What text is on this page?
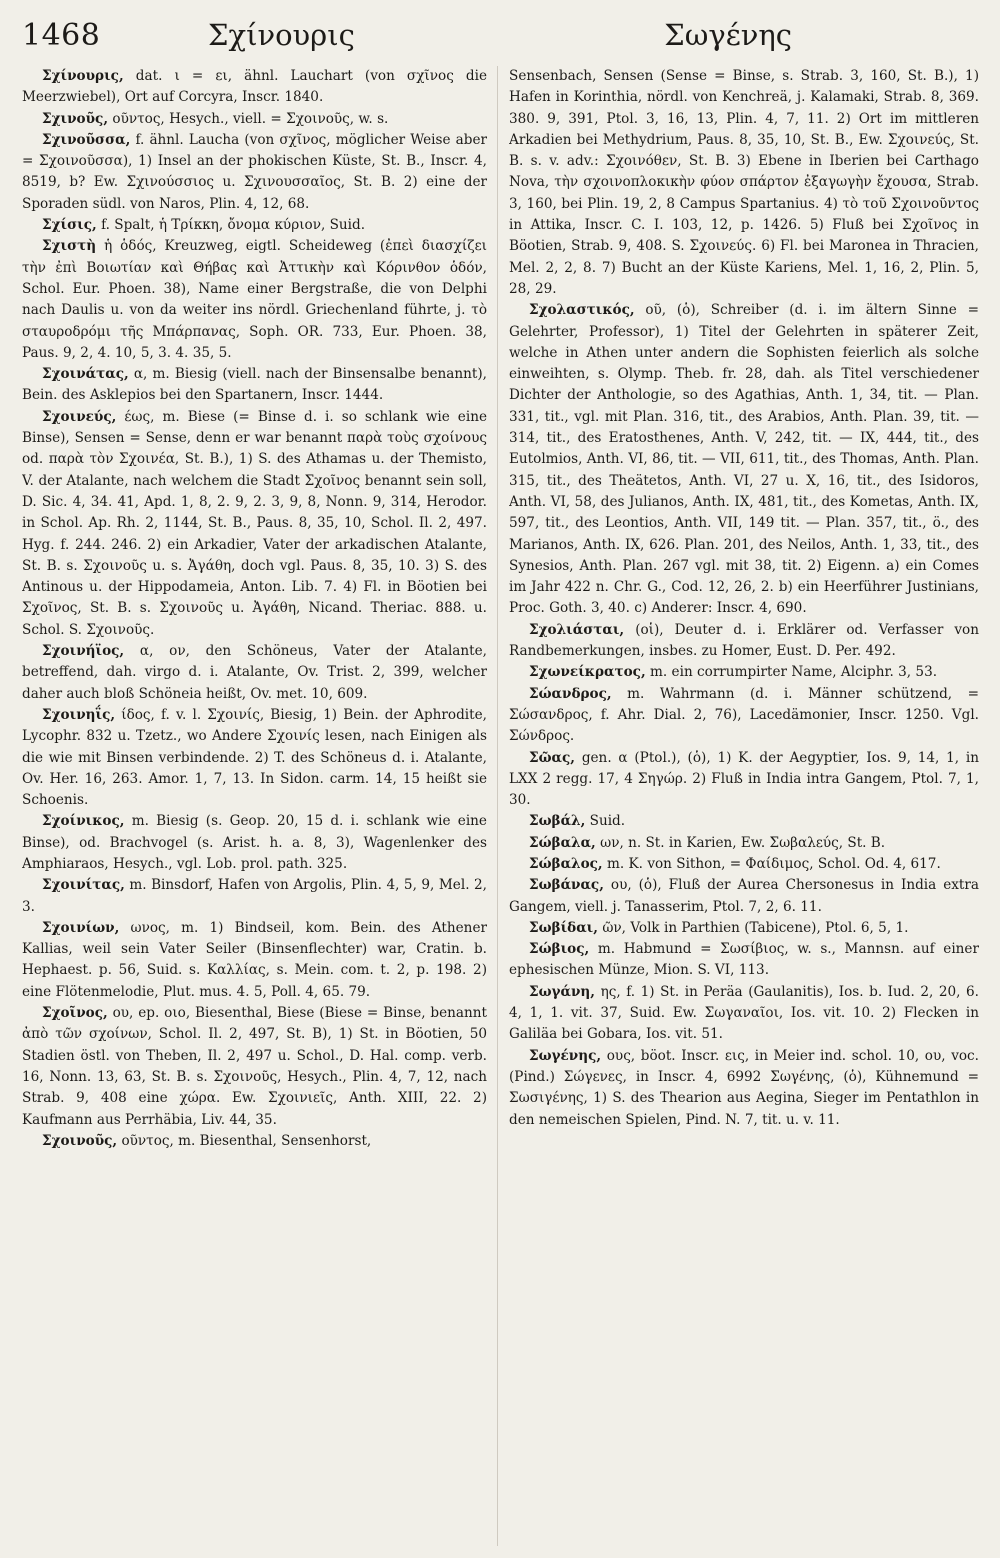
1468	Σχίνουρις	Σωγένης

Σχίνουρις, dat. ι = ει, ähnl. Lauchart (von σχῖνος die Meerzwiebel), Ort auf Corcyra, Inscr. 1840.

Σχινοῦς, οῦντος, Hesych., viell. = Σχοινοῦς, w. s.

Σχινοῦσσα, f. ähnl. Laucha (von σχῖνος, möglicher Weise aber = Σχοινοῦσσα), 1) Insel an der phokischen Küste, St. B., Inscr. 4, 8519, b? Ew. Σχινούσσιος u. Σχινουσσαῖος, St. B. 2) eine der Sporaden südl. von Naros, Plin. 4, 12, 68.

Σχίσις, f. Spalt, ἡ Τρίκκη, ὄνομα κύριον, Suid.

Σχιστὴ ἡ ὁδός, Kreuzweg, eigtl. Scheideweg (ἐπεὶ διασχίζει τὴν ἐπὶ Βοιωτίαν καὶ Θήβας καὶ Ἀττικὴν καὶ Κόρινθον ὁδόν, Schol. Eur. Phoen. 38), Name einer Bergstraße, die von Delphi nach Daulis u. von da weiter ins nördl. Griechenland führte, j. τὸ σταυροδρόμι τῆς Μπάρπανας, Soph. OR. 733, Eur. Phoen. 38, Paus. 9, 2, 4. 10, 5, 3. 4. 35, 5.

Σχοινάτας, α, m. Biesig (viell. nach der Binsensalbe benannt), Bein. des Asklepios bei den Spartanern, Inscr. 1444.

Σχοινεύς, έως, m. Biese (= Binse d. i. so schlank wie eine Binse), Sensen = Sense, denn er war benannt παρὰ τοὺς σχοίνους od. παρὰ τὸν Σχοινέα, St. B.), 1) S. des Athamas u. der Themisto, V. der Atalante, nach welchem die Stadt Σχοῖνος benannt sein soll, D. Sic. 4, 34. 41, Apd. 1, 8, 2. 9, 2. 3, 9, 8, Nonn. 9, 314, Herodor. in Schol. Ap. Rh. 2, 1144, St. B., Paus. 8, 35, 10, Schol. Il. 2, 497. Hyg. f. 244. 246. 2) ein Arkadier, Vater der arkadischen Atalante, St. B. s. Σχοινοῦς u. s. Ἀγάθη, doch vgl. Paus. 8, 35, 10. 3) S. des Antinous u. der Hippodameia, Anton. Lib. 7. 4) Fl. in Böotien bei Σχοῖνος, St. B. s. Σχοινοῦς u. Ἀγάθη, Nicand. Theriac. 888. u. Schol. S. Σχοινοῦς.

Σχοινήϊος, α, ον, den Schöneus, Vater der Atalante, betreffend, dah. virgo d. i. Atalante, Ov. Trist. 2, 399, welcher daher auch bloß Schöneia heißt, Ov. met. 10, 609.

Σχοινηΐς, ίδος, f. v. l. Σχοινίς, Biesig, 1) Bein. der Aphrodite, Lycophr. 832 u. Tzetz., wo Andere Σχοινίς lesen, nach Einigen als die wie mit Binsen verbindende. 2) T. des Schöneus d. i. Atalante, Ov. Her. 16, 263. Amor. 1, 7, 13. In Sidon. carm. 14, 15 heißt sie Schoenis.

Σχοίνικος, m. Biesig (s. Geop. 20, 15 d. i. schlank wie eine Binse), od. Brachvogel (s. Arist. h. a. 8, 3), Wagenlenker des Amphiaraos, Hesych., vgl. Lob. prol. path. 325.

Σχοινίτας, m. Binsdorf, Hafen von Argolis, Plin. 4, 5, 9, Mel. 2, 3.

Σχοινίων, ωνος, m. 1) Bindseil, kom. Bein. des Athener Kallias, weil sein Vater Seiler (Binsenflechter) war, Cratin. b. Hephaest. p. 56, Suid. s. Καλλίας, s. Mein. com. t. 2, p. 198. 2) eine Flötenmelodie, Plut. mus. 4. 5, Poll. 4, 65. 79.

Σχοῖνος, ου, ep. οιο, Biesenthal, Biese (Biese = Binse, benannt ἀπὸ τῶν σχοίνων, Schol. Il. 2, 497, St. B), 1) St. in Böotien, 50 Stadien östl. von Theben, Il. 2, 497 u. Schol., D. Hal. comp. verb. 16, Nonn. 13, 63, St. B. s. Σχοινοῦς, Hesych., Plin. 4, 7, 12, nach Strab. 9, 408 eine χώρα. Ew. Σχοινιεῖς, Anth. XIII, 22. 2) Kaufmann aus Perrhäbia, Liv. 44, 35.

Σχοινοῦς, οῦντος, m. Biesenthal, Sensenhorst,

Sensenbach, Sensen (Sense = Binse, s. Strab. 3, 160, St. B.), 1) Hafen in Korinthia, nördl. von Kenchreä, j. Kalamaki, Strab. 8, 369. 380. 9, 391, Ptol. 3, 16, 13, Plin. 4, 7, 11. 2) Ort im mittleren Arkadien bei Methydrium, Paus. 8, 35, 10, St. B., Ew. Σχοινεύς, St. B. s. v. adv.: Σχοινόθεν, St. B. 3) Ebene in Iberien bei Carthago Nova, τὴν σχοινοπλοκικὴν φύον σπάρτον ἐξαγωγὴν ἔχουσα, Strab. 3, 160, bei Plin. 19, 2, 8 Campus Spartanius. 4) τὸ τοῦ Σχοινοῦντος in Attika, Inscr. C. I. 103, 12, p. 1426. 5) Fluß bei Σχοῖνος in Böotien, Strab. 9, 408. S. Σχοινεύς. 6) Fl. bei Maronea in Thracien, Mel. 2, 2, 8. 7) Bucht an der Küste Kariens, Mel. 1, 16, 2, Plin. 5, 28, 29.

Σχολαστικός, οῦ, (ὁ), Schreiber (d. i. im ältern Sinne = Gelehrter, Professor), 1) Titel der Gelehrten in späterer Zeit, welche in Athen unter andern die Sophisten feierlich als solche einweihten, s. Olymp. Theb. fr. 28, dah. als Titel verschiedener Dichter der Anthologie, so des Agathias, Anth. 1, 34, tit. — Plan. 331, tit., vgl. mit Plan. 316, tit., des Arabios, Anth. Plan. 39, tit. — 314, tit., des Eratosthenes, Anth. V, 242, tit. — IX, 444, tit., des Eutolmios, Anth. VI, 86, tit. — VII, 611, tit., des Thomas, Anth. Plan. 315, tit., des Theätetos, Anth. VI, 27 u. X, 16, tit., des Isidoros, Anth. VI, 58, des Julianos, Anth. IX, 481, tit., des Kometas, Anth. IX, 597, tit., des Leontios, Anth. VII, 149 tit. — Plan. 357, tit., ö., des Marianos, Anth. IX, 626. Plan. 201, des Neilos, Anth. 1, 33, tit., des Synesios, Anth. Plan. 267 vgl. mit 38, tit. 2) Eigenn. a) ein Comes im Jahr 422 n. Chr. G., Cod. 12, 26, 2. b) ein Heerführer Justinians, Proc. Goth. 3, 40. c) Anderer: Inscr. 4, 690.

Σχολιάσται, (οἱ), Deuter d. i. Erklärer od. Verfasser von Randbemerkungen, insbes. zu Homer, Eust. D. Per. 492.

Σχωνείκρατος, m. ein corrumpirter Name, Alciphr. 3, 53.

Σώανδρος, m. Wahrmann (d. i. Männer schützend, = Σώσανδρος, f. Ahr. Dial. 2, 76), Lacedämonier, Inscr. 1250. Vgl. Σώνδρος.

Σῶας, gen. α (Ptol.), (ὁ), 1) K. der Aegyptier, Ios. 9, 14, 1, in LXX 2 regg. 17, 4 Σηγώρ. 2) Fluß in India intra Gangem, Ptol. 7, 1, 30.

Σωβάλ, Suid.

Σώβαλα, ων, n. St. in Karien, Ew. Σωβαλεύς, St. B.

Σώβαλος, m. K. von Sithon, = Φαίδιμος, Schol. Od. 4, 617.

Σωβάνας, ου, (ὁ), Fluß der Aurea Chersonesus in India extra Gangem, viell. j. Tanasserim, Ptol. 7, 2, 6. 11.

Σωβίδαι, ῶν, Volk in Parthien (Tabicene), Ptol. 6, 5, 1.

Σώβιος, m. Habmund = Σωσίβιος, w. s., Mannsn. auf einer ephesischen Münze, Mion. S. VI, 113.

Σωγάνη, ης, f. 1) St. in Peräa (Gaulanitis), Ios. b. Iud. 2, 20, 6. 4, 1, 1. vit. 37, Suid. Ew. Σωγαναῖοι, Ios. vit. 10. 2) Flecken in Galiläa bei Gobara, Ios. vit. 51.

Σωγένης, ους, böot. Inscr. εις, in Meier ind. schol. 10, ου, voc. (Pind.) Σώγενες, in Inscr. 4, 6992 Σωγένης, (ὁ), Kühnemund = Σωσιγένης, 1) S. des Thearion aus Aegina, Sieger im Pentathlon in den nemeischen Spielen, Pind. N. 7, tit. u. v. 11.
